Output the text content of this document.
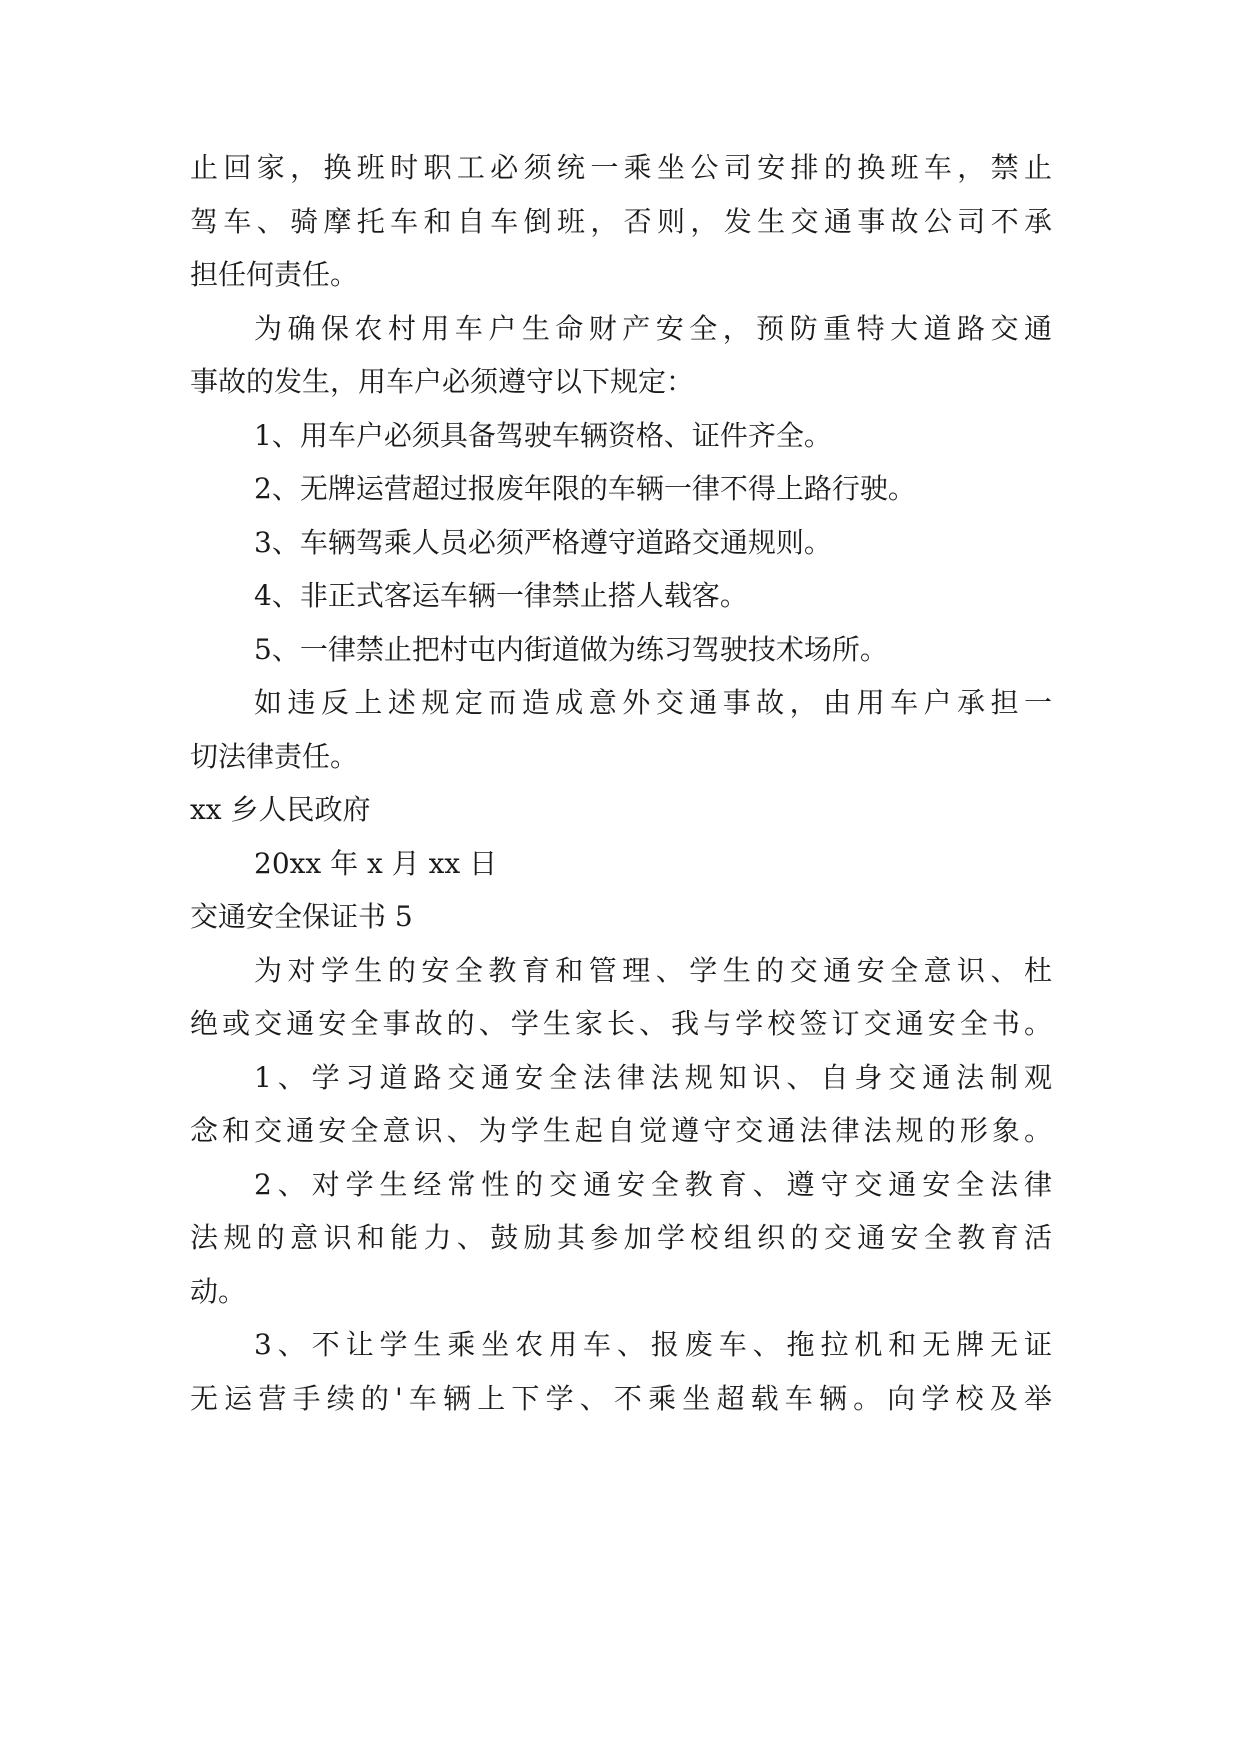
止回家，换班时职工必须统一乘坐公司安排的换班车，禁止
驾车、骑摩托车和自车倒班，否则，发生交通事故公司不承
担任何责任。
为确保农村用车户生命财产安全，预防重特大道路交通
事故的发生，用车户必须遵守以下规定：
1、用车户必须具备驾驶车辆资格、证件齐全。
2、无牌运营超过报废年限的车辆一律不得上路行驶。
3、车辆驾乘人员必须严格遵守道路交通规则。
4、非正式客运车辆一律禁止搭人载客。
5、一律禁止把村屯内街道做为练习驾驶技术场所。
如违反上述规定而造成意外交通事故，由用车户承担一
切法律责任。
xx 乡人民政府
20xx 年 x 月 xx 日
交通安全保证书 5
为对学生的安全教育和管理、学生的交通安全意识、杜
绝或交通安全事故的、学生家长、我与学校签订交通安全书。
1、学习道路交通安全法律法规知识、自身交通法制观
念和交通安全意识、为学生起自觉遵守交通法律法规的形象。
2、对学生经常性的交通安全教育、遵守交通安全法律
法规的意识和能力、鼓励其参加学校组织的交通安全教育活
动。
3、不让学生乘坐农用车、报废车、拖拉机和无牌无证
无运营手续的'车辆上下学、不乘坐超载车辆。向学校及举
